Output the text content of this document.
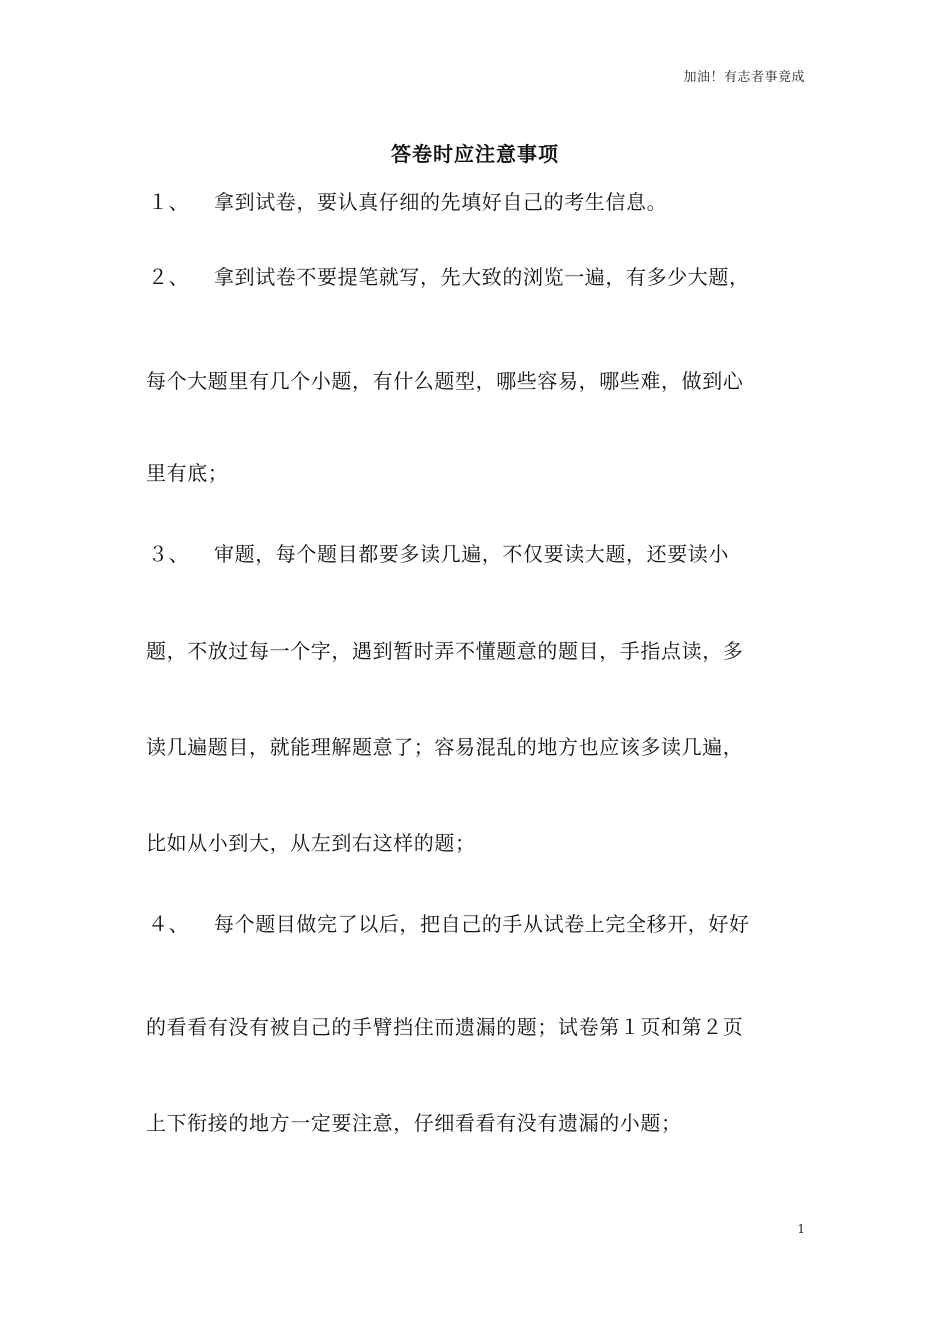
加油！有志者事竟成
答卷时应注意事项
１、 拿到试卷，要认真仔细的先填好自己的考生信息。
２、 拿到试卷不要提笔就写，先大致的浏览一遍，有多少大题，
每个大题里有几个小题，有什么题型，哪些容易，哪些难，做到心
里有底；
３、 审题，每个题目都要多读几遍，不仅要读大题，还要读小
题，不放过每一个字，遇到暂时弄不懂题意的题目，手指点读，多
读几遍题目，就能理解题意了；容易混乱的地方也应该多读几遍，
比如从小到大，从左到右这样的题；
４、 每个题目做完了以后，把自己的手从试卷上完全移开，好好
的看看有没有被自己的手臂挡住而遗漏的题；试卷第１页和第２页
上下衔接的地方一定要注意，仔细看看有没有遗漏的小题；
1
